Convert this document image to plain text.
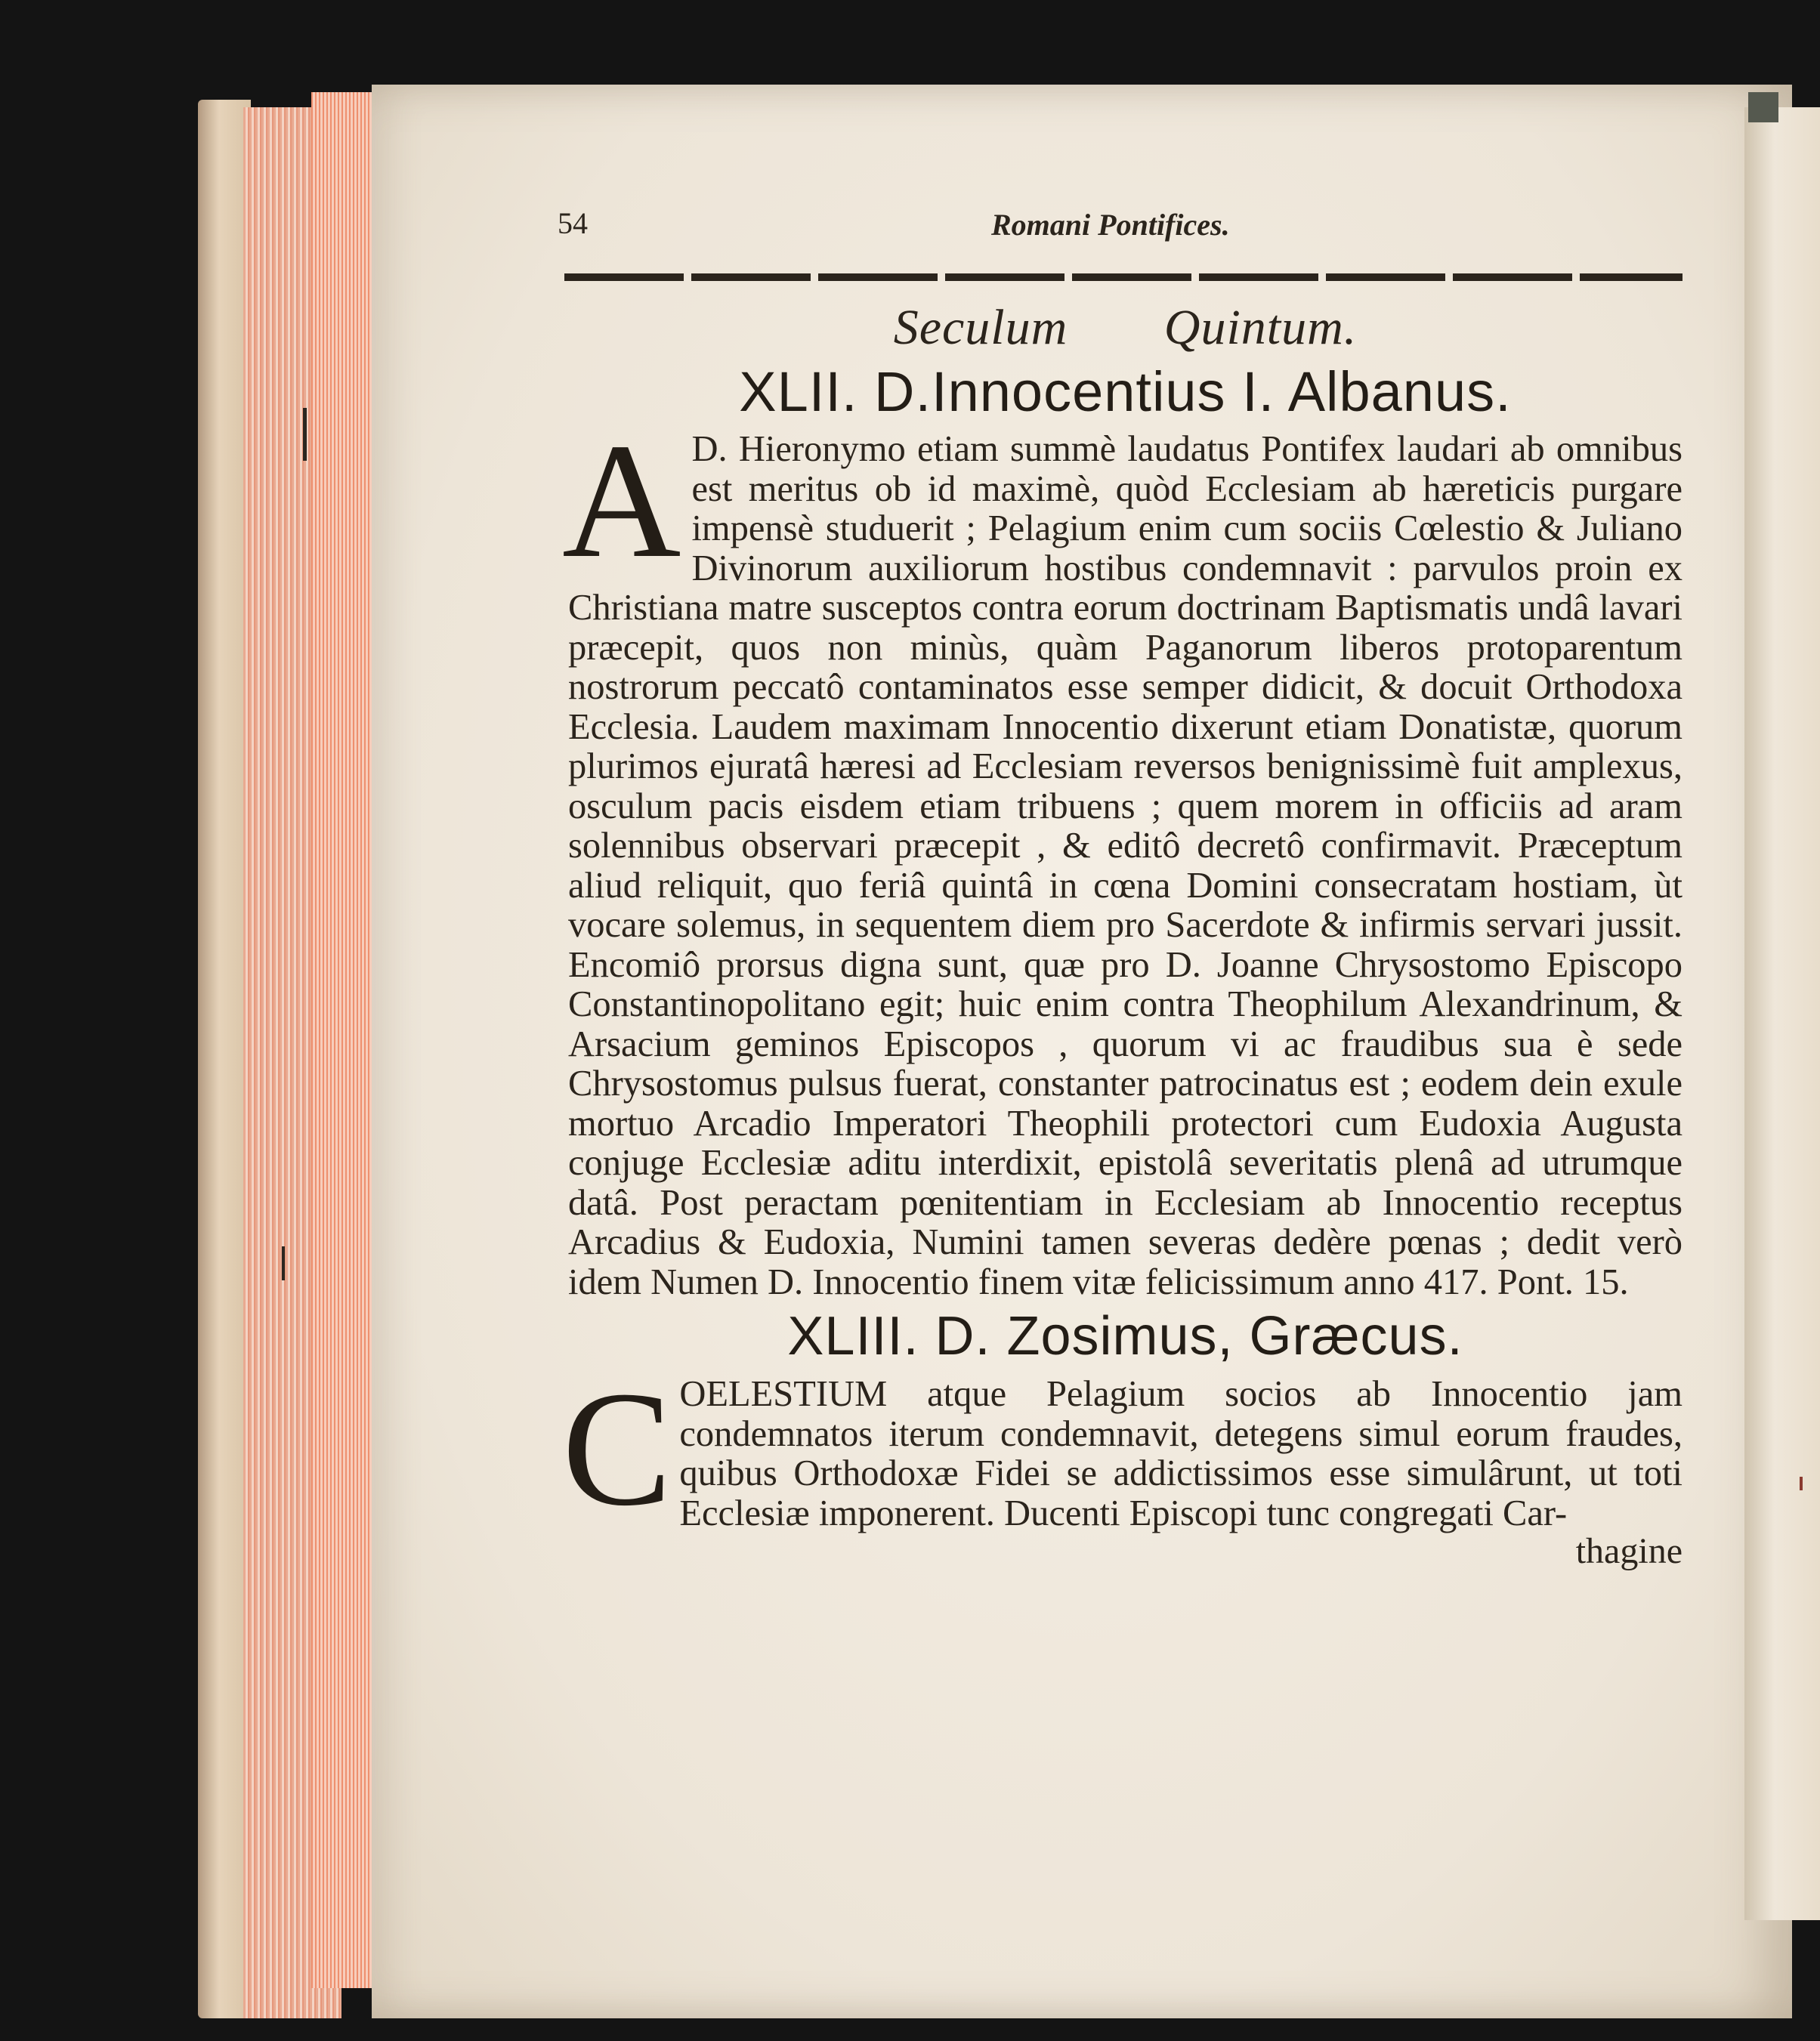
54	Romani Pontifices.
Seculum Quintum.
XLII. D.Innocentius I. Albanus.
A D. Hieronymo etiam summè laudatus Pontifex laudari ab omnibus est meritus ob id maximè, quòd Ecclesiam ab hæreticis purgare impensè studuerit ; Pelagium enim cum sociis Cœlestio & Juliano Divinorum auxiliorum hostibus condemnavit : parvulos proin ex Christiana matre susceptos contra eorum doctrinam Baptismatis undâ lavari præcepit, quos non minùs, quàm Paganorum liberos protoparentum nostrorum peccatô contaminatos esse semper didicit, & docuit Orthodoxa Ecclesia. Laudem maximam Innocentio dixerunt etiam Donatistæ, quorum plurimos ejuratâ hæresi ad Ecclesiam reversos benignissimè fuit amplexus, osculum pacis eisdem etiam tribuens ; quem morem in officiis ad aram solennibus observari præcepit , & editô decretô confirmavit. Præceptum aliud reliquit, quo feriâ quintâ in cœna Domini consecratam hostiam, ùt vocare solemus, in sequentem diem pro Sacerdote & infirmis servari jussit. Encomiô prorsus digna sunt, quæ pro D. Joanne Chrysostomo Episcopo Constantinopolitano egit; huic enim contra Theophilum Alexandrinum, & Arsacium geminos Episcopos , quorum vi ac fraudibus sua è sede Chrysostomus pulsus fuerat, constanter patrocinatus est ; eodem dein exule mortuo Arcadio Imperatori Theophili protectori cum Eudoxia Augusta conjuge Ecclesiæ aditu interdixit, epistolâ severitatis plenâ ad utrumque datâ. Post peractam pœnitentiam in Ecclesiam ab Innocentio receptus Arcadius & Eudoxia, Numini tamen severas dedère pœnas ; dedit verò idem Numen D. Innocentio finem vitæ felicissimum anno 417. Pont. 15.
XLIII. D. Zosimus, Græcus.
C OELESTIUM atque Pelagium socios ab Innocentio jam condemnatos iterum condemnavit, detegens simul eorum fraudes, quibus Orthodoxæ Fidei se addictissimos esse simulârunt, ut toti Ecclesiæ imponerent. Ducenti Episcopi tunc congregati Car-
thagine
